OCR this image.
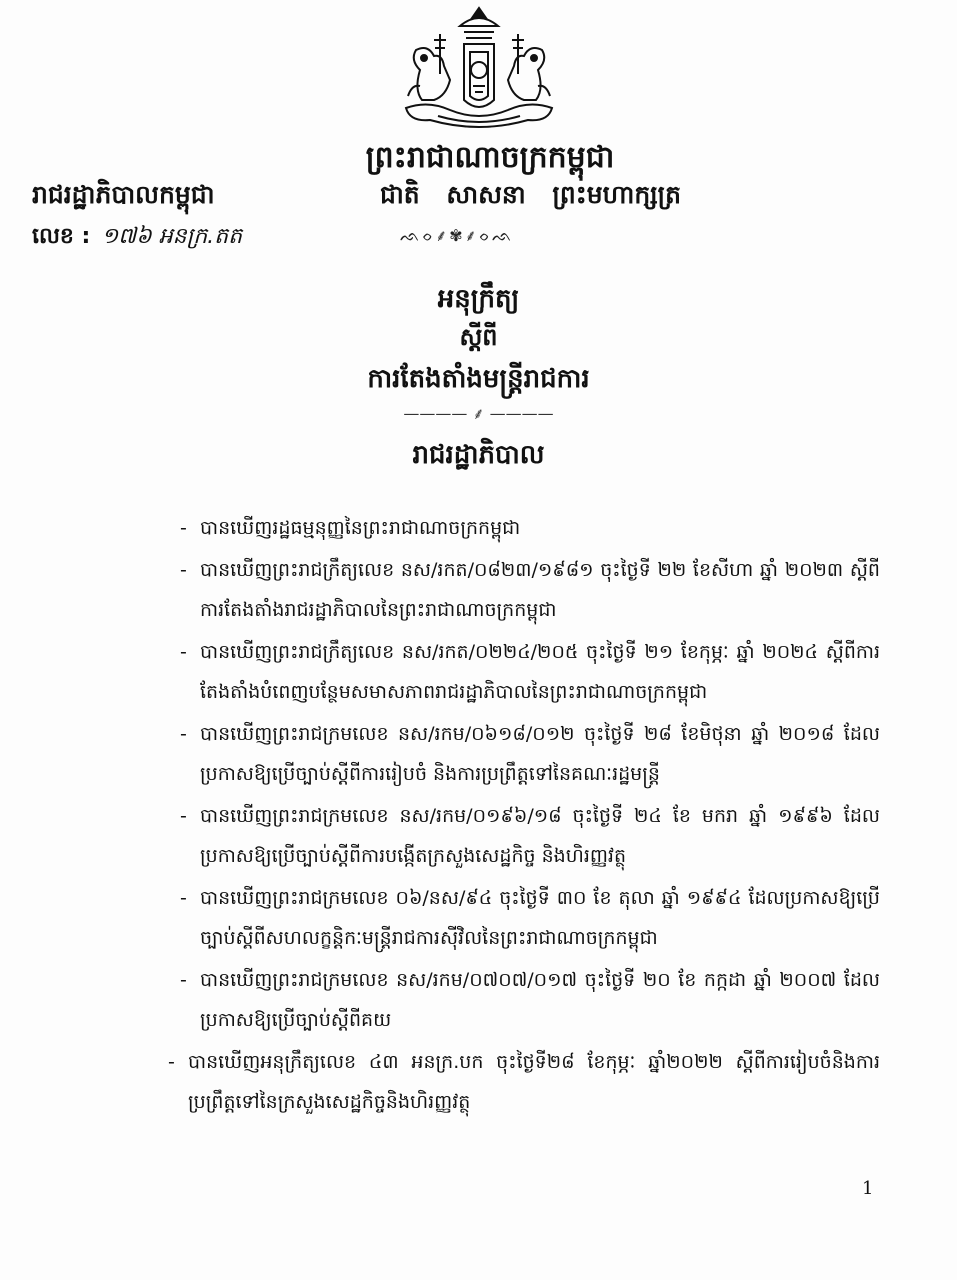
ព្រះរាជាណាចក្រកម្ពុជា
រាជរដ្ឋាភិបាលកម្ពុជា	ជាតិ សាសនា ព្រះមហាក្សត្រ
ᨒᨔ⸙✾⸙ᨔᨒ
លេខ : ១៧៦ អនក្រ.តត
អនុក្រឹត្យ
ស្តីពី
ការតែងតាំងមន្ត្រីរាជការ
———— ⸙ ————
រាជរដ្ឋាភិបាល
- បានឃើញរដ្ឋធម្មនុញ្ញនៃព្រះរាជាណាចក្រកម្ពុជា
- បានឃើញព្រះរាជក្រឹត្យលេខ នស/រកត/០៨២៣/១៩៨១ ចុះថ្ងៃទី ២២ ខែសីហា ឆ្នាំ ២០២៣ ស្តីពីការតែងតាំងរាជរដ្ឋាភិបាលនៃព្រះរាជាណាចក្រកម្ពុជា
- បានឃើញព្រះរាជក្រឹត្យលេខ នស/រកត/០២២៤/២០៥ ចុះថ្ងៃទី ២១ ខែកុម្ភៈ ឆ្នាំ ២០២៤ ស្តីពីការតែងតាំងបំពេញបន្ថែមសមាសភាពរាជរដ្ឋាភិបាលនៃព្រះរាជាណាចក្រកម្ពុជា
- បានឃើញព្រះរាជក្រមលេខ នស/រកម/០៦១៨/០១២ ចុះថ្ងៃទី ២៨ ខែមិថុនា ឆ្នាំ ២០១៨ ដែលប្រកាសឱ្យប្រើច្បាប់ស្តីពីការរៀបចំ និងការប្រព្រឹត្តទៅនៃគណៈរដ្ឋមន្ត្រី
- បានឃើញព្រះរាជក្រមលេខ នស/រកម/០១៩៦/១៨ ចុះថ្ងៃទី ២៤ ខែ មករា ឆ្នាំ ១៩៩៦ ដែលប្រកាសឱ្យប្រើច្បាប់ស្តីពីការបង្កើតក្រសួងសេដ្ឋកិច្ច និងហិរញ្ញវត្ថុ
- បានឃើញព្រះរាជក្រមលេខ ០៦/នស/៩៤ ចុះថ្ងៃទី ៣០ ខែ តុលា ឆ្នាំ ១៩៩៤ ដែលប្រកាសឱ្យប្រើច្បាប់ស្តីពីសហលក្ខន្តិកៈមន្ត្រីរាជការស៊ីវិលនៃព្រះរាជាណាចក្រកម្ពុជា
- បានឃើញព្រះរាជក្រមលេខ នស/រកម/០៧០៧/០១៧ ចុះថ្ងៃទី ២០ ខែ កក្កដា ឆ្នាំ ២០០៧ ដែលប្រកាសឱ្យប្រើច្បាប់ស្តីពីគយ
- បានឃើញអនុក្រឹត្យលេខ ៤៣ អនក្រ.បក ចុះថ្ងៃទី២៨ ខែកុម្ភៈ ឆ្នាំ២០២២ ស្តីពីការរៀបចំនិងការប្រព្រឹត្តទៅនៃក្រសួងសេដ្ឋកិច្ចនិងហិរញ្ញវត្ថុ
1
